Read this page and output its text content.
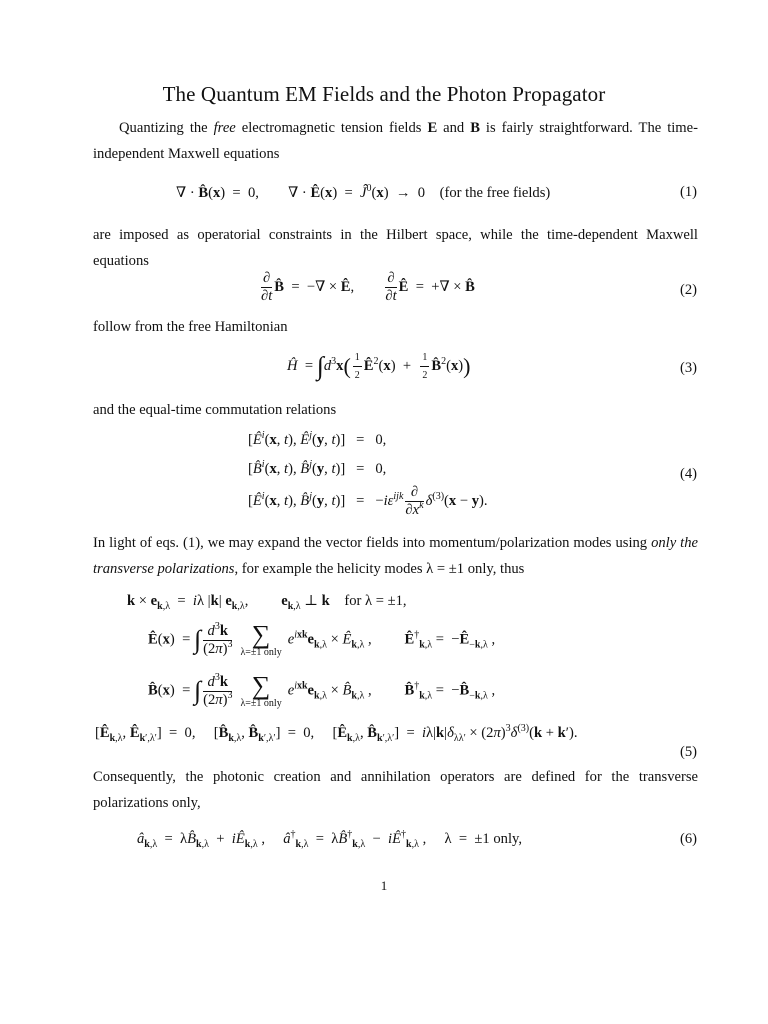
The Quantum EM Fields and the Photon Propagator
Quantizing the free electromagnetic tension fields E and B is fairly straightforward. The time-independent Maxwell equations
∇ · B̂(x)  =  0,        ∇ · Ê(x)  =  $Ĵ^0(x) \to 0$    (for the free fields)	(1)
are imposed as operatorial constraints in the Hilbert space, while the time-dependent Maxwell equations
$\frac{\partial}{\partial t}$ B̂  =  −∇ × Ê, $\frac{\partial}{\partial t}$ Ê  =  +∇ × B̂	(2)
follow from the free Hamiltonian
Ĥ  = $\int d^3x( \frac{1}{2}$ $Ê^2(x) + \frac{1}{2}$ B̂$^2$(x))	(3)
and the equal-time commutation relations
[$Ê^i(x$, t), $Ê^j(y$, t)]   =   0,
[B̂$^i$(x, t), B̂$^j$(y, t)]   =   0,
[$Ê^i(x$, t), B̂$^j$(y, $t)] = -i\varepsilon^{ijk} \frac{\partial}{\partial x^k} \delta^{(3)}(x - y)$.
(4)
In light of eqs. (1), we may expand the vector fields into momentum/polarization modes using only the transverse polarizations, for example the helicity modes λ = ±1 only, thus
$k \times e_{k,\lambda} = i\lambda$ |k| $e_{k,\lambda}$,         $e_{k,\lambda}$ ⊥ k    for λ = ±1,
Ê(x)  = ∫ $\frac{d^3k}{(2\pi)^3}$ ∑
λ=±1 only
$e^{ixk}e_{k,\lambda}$ × $Ê_{k,\lambda}$ ,         $Ê^\dagger_{k,\lambda}$ =  $-Ê_{-k,\lambda}$ ,
B̂(x)  = ∫ $\frac{d^3k}{(2\pi)^3}$ ∑
λ=±1 only
$e^{ixk}e_{k,\lambda}$ × $B̂_{k,\lambda}$ ,         $B̂^\dagger_{k,\lambda}$ =  $-B̂_{-k,\lambda}$ ,
[$Ê_{k,\lambda}$, $Ê_{k',\lambda'}] = 0$,     [$B̂_{k,\lambda}$, $B̂_{k',\lambda'}] = 0$,     [$Ê_{k,\lambda}$, $B̂_{k',\lambda'}] = i\lambda|k|\delta_{\lambda\lambda'} \times (2\pi)^3\delta^{(3)}(k + k')$.
(5)
Consequently, the photonic creation and annihilation operators are defined for the transverse polarizations only,
$â_{k,\lambda}$  =  $\lambda B̂_{k,\lambda}$  +  $iÊ_{k,\lambda}$ ,     $â^\dagger_{k,\lambda}$  =  $\lambda B̂^\dagger_{k,\lambda}$  −  $iÊ^\dagger_{k,\lambda}$ ,     λ  =  ±1 only,	(6)
1
